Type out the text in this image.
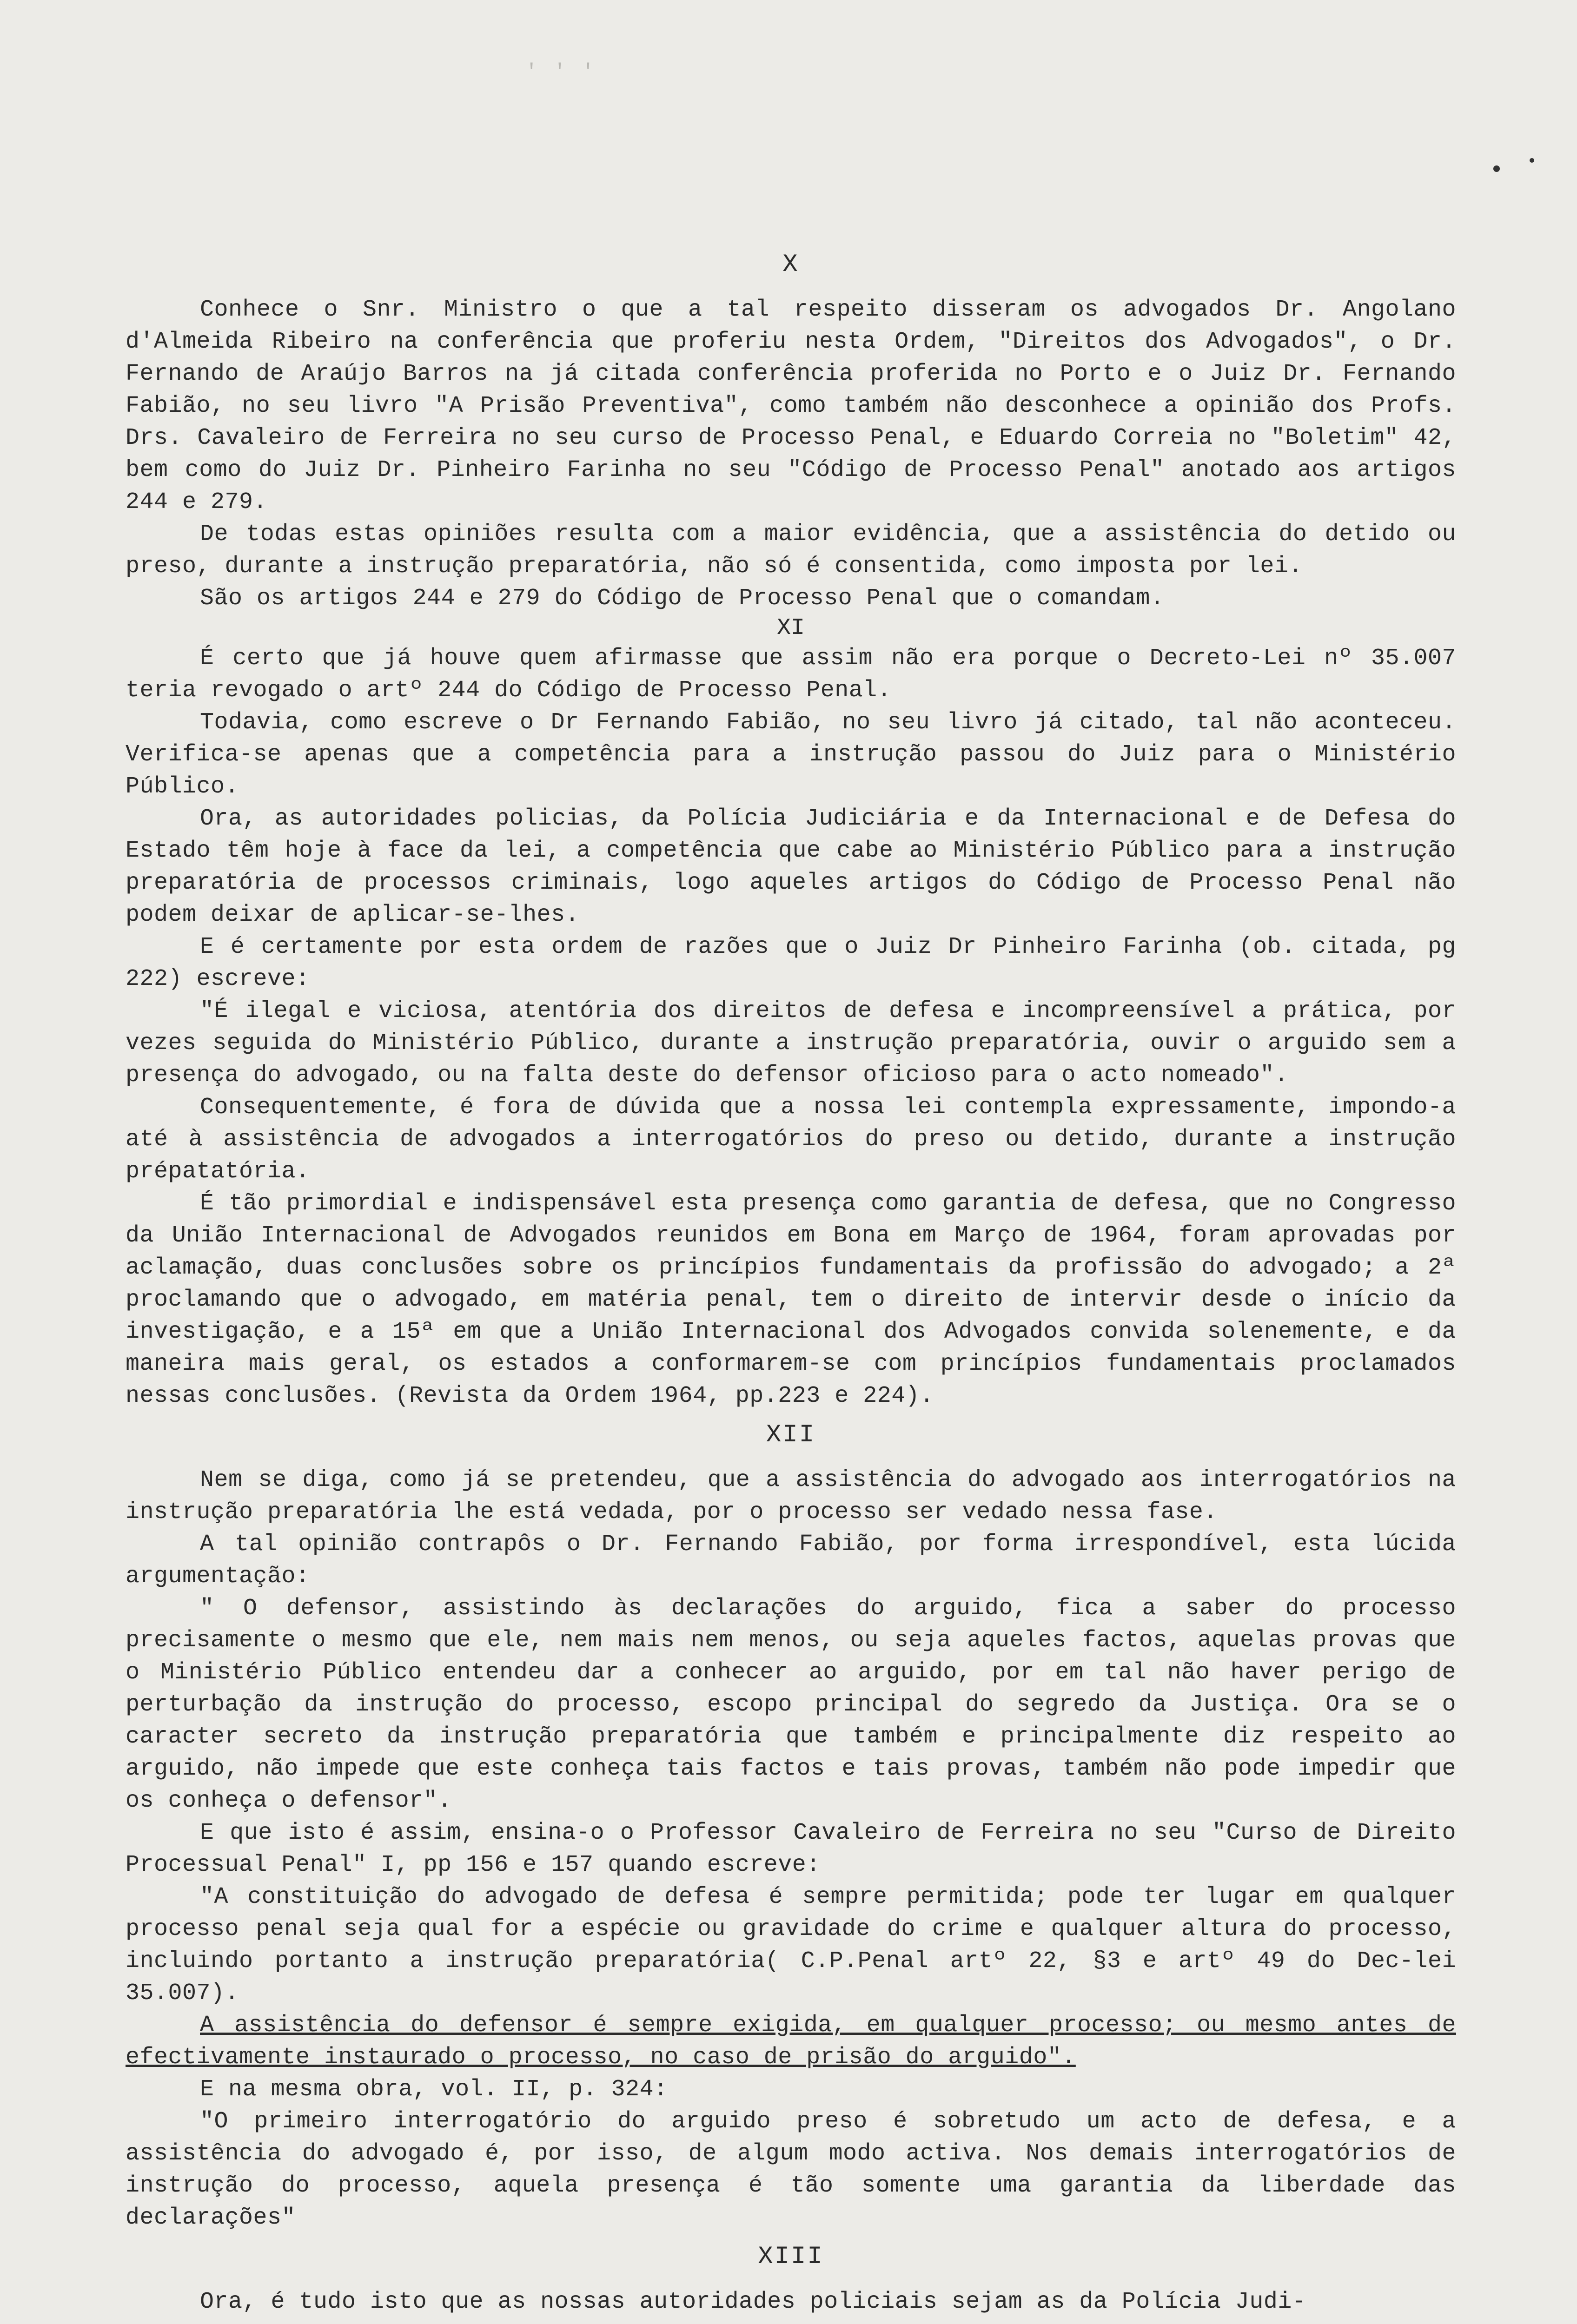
' ' '
X

Conhece o Snr. Ministro o que a tal respeito disseram os advogados Dr. Angolano d'Almeida Ribeiro na conferência que proferiu nesta Ordem, "Direitos dos Advogados", o Dr. Fernando de Araújo Barros na já citada conferência proferida no Porto e o Juiz Dr. Fernando Fabião, no seu livro "A Prisão Preventiva", como também não desconhece a opinião dos Profs. Drs. Cavaleiro de Ferreira no seu curso de Processo Penal, e Eduardo Correia no "Boletim" 42, bem como do Juiz Dr. Pinheiro Farinha no seu "Código de Processo Penal" anotado aos artigos 244 e 279.

De todas estas opiniões resulta com a maior evidência, que a assistência do detido ou preso, durante a instrução preparatória, não só é consentida, como imposta por lei.

São os artigos 244 e 279 do Código de Processo Penal que o comandam.

XI

É certo que já houve quem afirmasse que assim não era porque o Decreto-Lei nº 35.007 teria revogado o artº 244 do Código de Processo Penal.

Todavia, como escreve o Dr Fernando Fabião, no seu livro já citado, tal não aconteceu. Verifica-se apenas que a competência para a instrução passou do Juiz para o Ministério Público.

Ora, as autoridades policias, da Polícia Judiciária e da Internacional e de Defesa do Estado têm hoje à face da lei, a competência que cabe ao Ministério Público para a instrução preparatória de processos criminais, logo aqueles artigos do Código de Processo Penal não podem deixar de aplicar-se-lhes.

E é certamente por esta ordem de razões que o Juiz Dr Pinheiro Farinha (ob. citada, pg 222) escreve:

"É ilegal e viciosa, atentória dos direitos de defesa e incompreensível a prática, por vezes seguida do Ministério Público, durante a instrução preparatória, ouvir o arguido sem a presença do advogado, ou na falta deste do defensor oficioso para o acto nomeado".

Consequentemente, é fora de dúvida que a nossa lei contempla expressamente, impondo-a até à assistência de advogados a interrogatórios do preso ou detido, durante a instrução prépatatória.

É tão primordial e indispensável esta presença como garantia de defesa, que no Congresso da União Internacional de Advogados reunidos em Bona em Março de 1964, foram aprovadas por aclamação, duas conclusões sobre os princípios fundamentais da profissão do advogado; a 2ª proclamando que o advogado, em matéria penal, tem o direito de intervir desde o início da investigação, e a 15ª em que a União Internacional dos Advogados convida solenemente, e da maneira mais geral, os estados a conformarem-se com princípios fundamentais proclamados nessas conclusões. (Revista da Ordem 1964, pp.223 e 224).

XII

Nem se diga, como já se pretendeu, que a assistência do advogado aos interrogatórios na instrução preparatória lhe está vedada, por o processo ser vedado nessa fase.

A tal opinião contrapôs o Dr. Fernando Fabião, por forma irrespondível, esta lúcida argumentação:

" O defensor, assistindo às declarações do arguido, fica a saber do processo precisamente o mesmo que ele, nem mais nem menos, ou seja aqueles factos, aquelas provas que o Ministério Público entendeu dar a conhecer ao arguido, por em tal não haver perigo de perturbação da instrução do processo, escopo principal do segredo da Justiça. Ora se o caracter secreto da instrução preparatória que também e principalmente diz respeito ao arguido, não impede que este conheça tais factos e tais provas, também não pode impedir que os conheça o defensor".

E que isto é assim, ensina-o o Professor Cavaleiro de Ferreira no seu "Curso de Direito Processual Penal" I, pp 156 e 157 quando escreve:

"A constituição do advogado de defesa é sempre permitida; pode ter lugar em qualquer processo penal seja qual for a espécie ou gravidade do crime e qualquer altura do processo, incluindo portanto a instrução preparatória( C.P.Penal artº 22, §3 e artº 49 do Dec-lei 35.007).

A assistência do defensor é sempre exigida, em qualquer processo; ou mesmo antes de efectivamente instaurado o processo, no caso de prisão do arguido".

E na mesma obra, vol. II, p. 324:

"O primeiro interrogatório do arguido preso é sobretudo um acto de defesa, e a assistência do advogado é, por isso, de algum modo activa. Nos demais interrogatórios de instrução do processo, aquela presença é tão somente uma garantia da liberdade das declarações"

XIII

Ora, é tudo isto que as nossas autoridades policiais sejam as da Polícia Judi-
